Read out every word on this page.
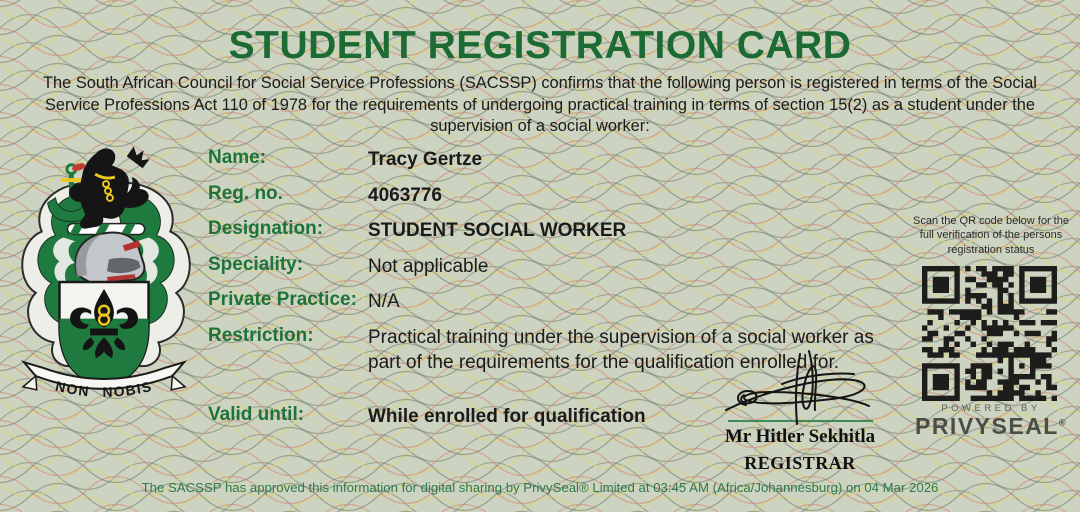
STUDENT REGISTRATION CARD
The South African Council for Social Service Professions (SACSSP) confirms that the following person is registered in terms of the Social Service Professions Act 110 of 1978 for the requirements of undergoing practical training in terms of section 15(2) as a student under the supervision of a social worker:
NON NOBIS
Name:	Tracy Gertze
Reg. no.	4063776
Designation:	STUDENT SOCIAL WORKER
Speciality:	Not applicable
Private Practice: N/A
Restriction:	Practical training under the supervision of a social worker as part of the requirements for the qualification enrolled for.
Valid until:	While enrolled for qualification
Mr Hitler Sekhitla
REGISTRAR
Scan the QR code below for the full verification of the persons registration status
POWERED BY
PRIVYSEAL®
The SACSSP has approved this information for digital sharing by PrivySeal® Limited at 03:45 AM (Africa/Johannesburg) on 04 Mar 2026
